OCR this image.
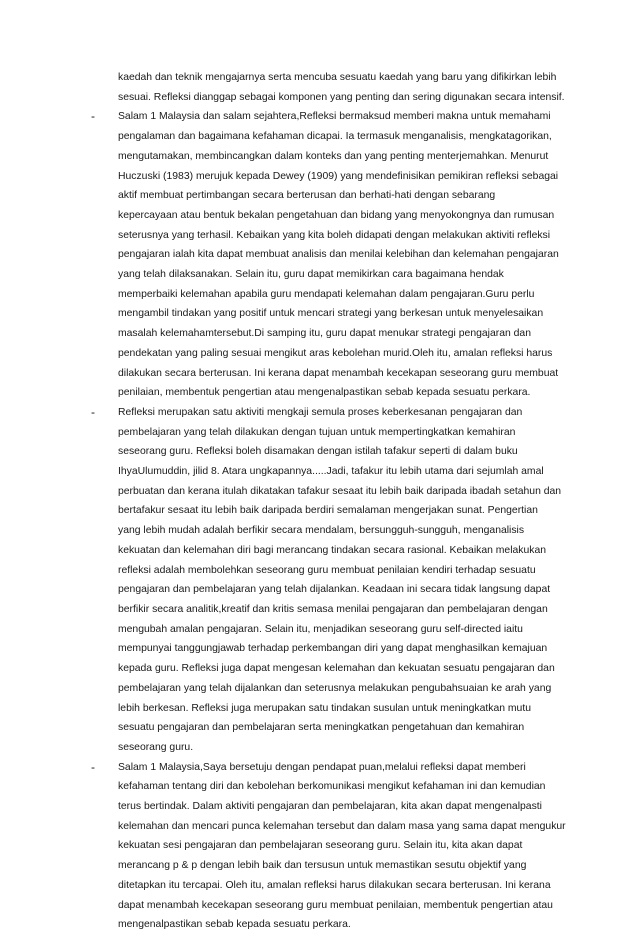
kaedah dan teknik mengajarnya serta mencuba sesuatu kaedah yang baru yang difikirkan lebih
sesuai. Refleksi dianggap sebagai komponen yang penting dan sering digunakan secara intensif.
-	Salam 1 Malaysia dan salam sejahtera,Refleksi bermaksud memberi makna untuk memahami
pengalaman dan bagaimana kefahaman dicapai. Ia termasuk menganalisis, mengkatagorikan,
mengutamakan, membincangkan dalam konteks dan yang penting menterjemahkan. Menurut
Huczuski (1983) merujuk kepada Dewey (1909) yang mendefinisikan pemikiran refleksi sebagai
aktif membuat pertimbangan secara berterusan dan berhati-hati dengan sebarang
kepercayaan atau bentuk bekalan pengetahuan dan bidang yang menyokongnya dan rumusan
seterusnya yang terhasil. Kebaikan yang kita boleh didapati dengan melakukan aktiviti refleksi
pengajaran ialah kita dapat membuat analisis dan menilai kelebihan dan kelemahan pengajaran
yang telah dilaksanakan. Selain itu, guru dapat memikirkan cara bagaimana hendak
memperbaiki kelemahan apabila guru mendapati kelemahan dalam pengajaran.Guru perlu
mengambil tindakan yang positif untuk mencari strategi yang berkesan untuk menyelesaikan
masalah kelemahamtersebut.Di samping itu, guru dapat menukar strategi pengajaran dan
pendekatan yang paling sesuai mengikut aras kebolehan murid.Oleh itu, amalan refleksi harus
dilakukan secara berterusan. Ini kerana dapat menambah kecekapan seseorang guru membuat
penilaian, membentuk pengertian atau mengenalpastikan sebab kepada sesuatu perkara.
-	Refleksi merupakan satu aktiviti mengkaji semula proses keberkesanan pengajaran dan
pembelajaran yang telah dilakukan dengan tujuan untuk mempertingkatkan kemahiran
seseorang guru. Refleksi boleh disamakan dengan istilah tafakur seperti di dalam buku
IhyaUlumuddin, jilid 8. Atara ungkapannya.....Jadi, tafakur itu lebih utama dari sejumlah amal
perbuatan dan kerana itulah dikatakan tafakur sesaat itu lebih baik daripada ibadah setahun dan
bertafakur sesaat itu lebih baik daripada berdiri semalaman mengerjakan sunat. Pengertian
yang lebih mudah adalah berfikir secara mendalam, bersungguh-sungguh, menganalisis
kekuatan dan kelemahan diri bagi merancang tindakan secara rasional. Kebaikan melakukan
refleksi adalah membolehkan seseorang guru membuat penilaian kendiri terhadap sesuatu
pengajaran dan pembelajaran yang telah dijalankan. Keadaan ini secara tidak langsung dapat
berfikir secara analitik,kreatif dan kritis semasa menilai pengajaran dan pembelajaran dengan
mengubah amalan pengajaran. Selain itu, menjadikan seseorang guru self-directed iaitu
mempunyai tanggungjawab terhadap perkembangan diri yang dapat menghasilkan kemajuan
kepada guru. Refleksi juga dapat mengesan kelemahan dan kekuatan sesuatu pengajaran dan
pembelajaran yang telah dijalankan dan seterusnya melakukan pengubahsuaian ke arah yang
lebih berkesan. Refleksi juga merupakan satu tindakan susulan untuk meningkatkan mutu
sesuatu pengajaran dan pembelajaran serta meningkatkan pengetahuan dan kemahiran
seseorang guru.
-	Salam 1 Malaysia,Saya bersetuju dengan pendapat puan,melalui refleksi dapat memberi
kefahaman tentang diri dan kebolehan berkomunikasi mengikut kefahaman ini dan kemudian
terus bertindak. Dalam aktiviti pengajaran dan pembelajaran, kita akan dapat mengenalpasti
kelemahan dan mencari punca kelemahan tersebut dan dalam masa yang sama dapat mengukur
kekuatan sesi pengajaran dan pembelajaran seseorang guru. Selain itu, kita akan dapat
merancang p & p dengan lebih baik dan tersusun untuk memastikan sesutu objektif yang
ditetapkan itu tercapai. Oleh itu, amalan refleksi harus dilakukan secara berterusan. Ini kerana
dapat menambah kecekapan seseorang guru membuat penilaian, membentuk pengertian atau
mengenalpastikan sebab kepada sesuatu perkara.
